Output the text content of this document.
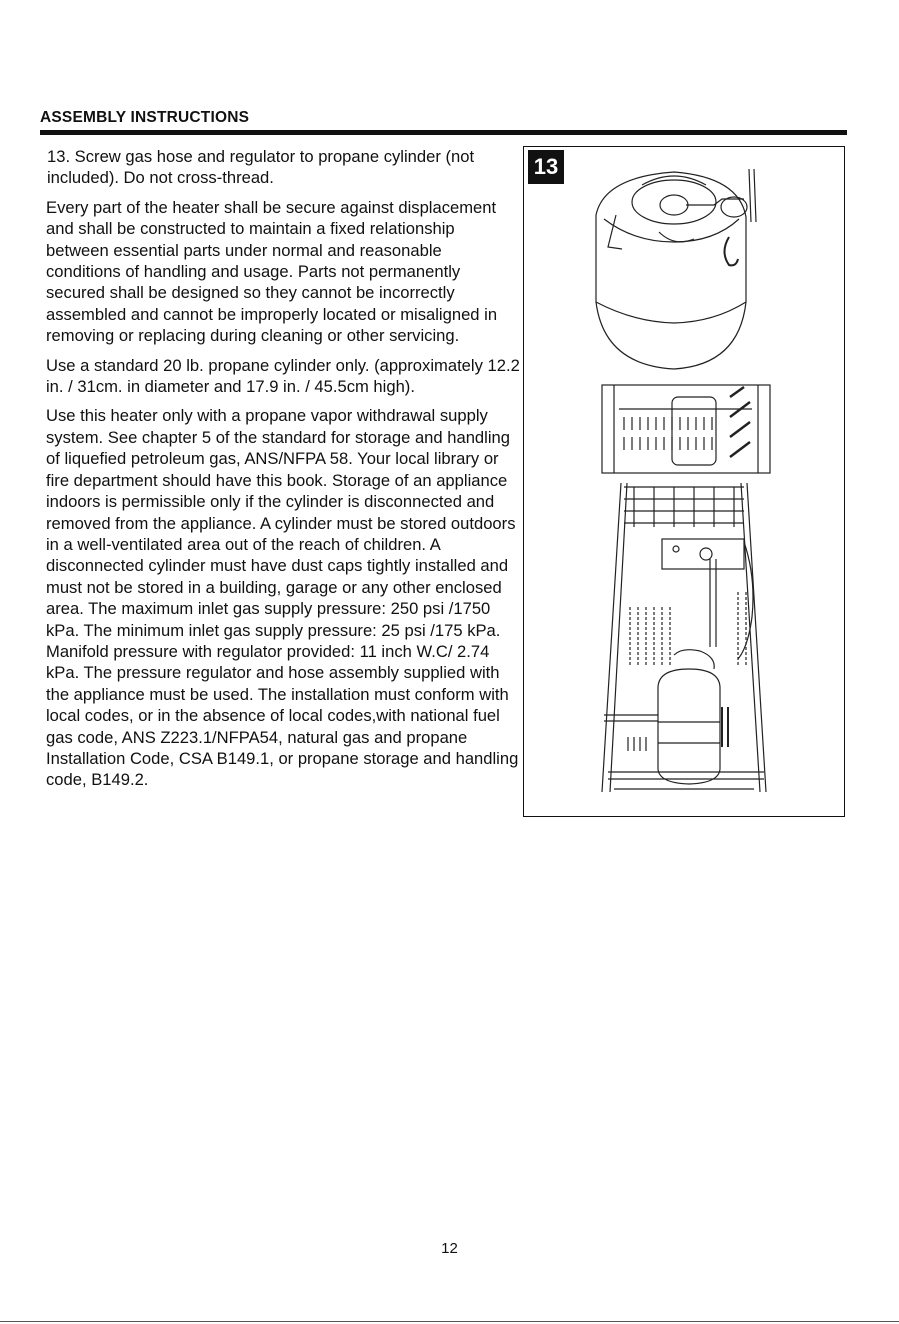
ASSEMBLY INSTRUCTIONS

13. Screw gas hose and regulator to propane cylinder (not included). Do not cross-thread.

Every part of the heater shall be secure against displacement and shall be constructed to maintain a fixed relationship between essential parts under normal and reasonable conditions of handling and usage. Parts not permanently secured shall be designed so they cannot be incorrectly assembled and cannot be improperly located or misaligned in removing or replacing during cleaning or other servicing.

Use a standard 20 lb. propane cylinder only. (approximately 12.2 in. / 31cm. in diameter and 17.9 in. / 45.5cm high).

Use this heater only with a propane vapor withdrawal supply system. See chapter 5 of the standard for storage and handling of liquefied petroleum gas, ANS/NFPA 58. Your local library or fire department should have this book. Storage of an appliance indoors is permissible only if the cylinder is disconnected and removed from the appliance. A cylinder must be stored outdoors in a well-ventilated area out of the reach of children. A disconnected cylinder must have dust caps tightly installed and must not be stored in a building, garage or any other enclosed area. The maximum inlet gas supply pressure: 250 psi /1750 kPa. The minimum inlet gas supply pressure: 25 psi /175 kPa. Manifold pressure with regulator provided: 11 inch W.C/ 2.74 kPa. The pressure regulator and hose assembly supplied with the appliance must be used. The installation must conform with local codes, or in the absence of local codes,with national fuel gas code, ANS Z223.1/NFPA54, natural gas and propane Installation Code, CSA B149.1, or propane storage and handling code, B149.2.

13
12
